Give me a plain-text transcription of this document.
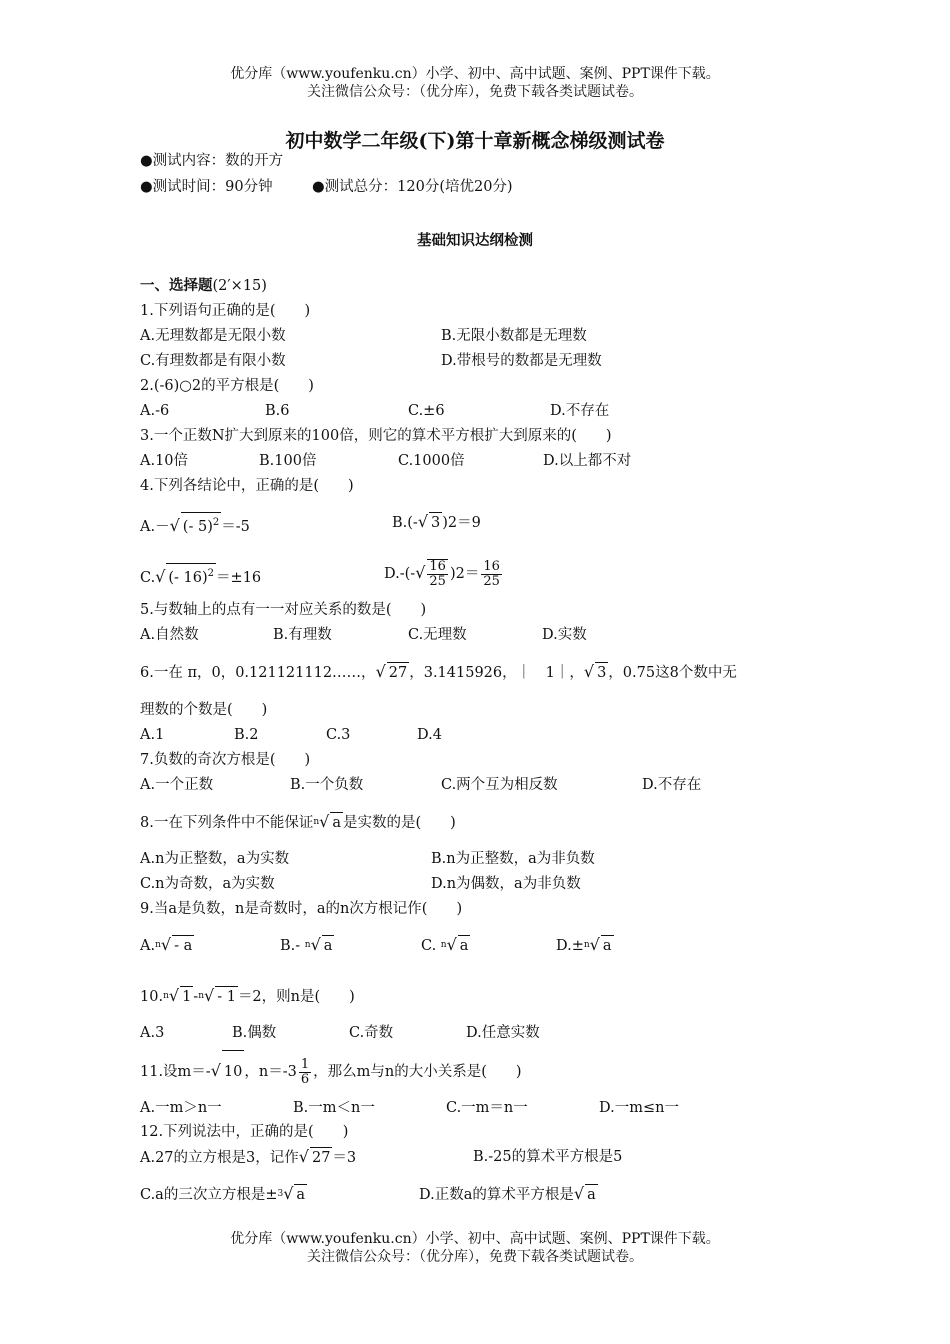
优分库（www.youfenku.cn）小学、初中、高中试题、案例、PPT课件下载。
关注微信公众号：（优分库），免费下载各类试题试卷。
初中数学二年级(下)第十章新概念梯级测试卷
●测试内容：数的开方
●测试时间：90分钟	●测试总分：120分(培优20分)
基础知识达纲检测
一、选择题(2′×15)
1.下列语句正确的是(　　)
A.无理数都是无限小数	B.无限小数都是无理数
C.有理数都是有限小数	D.带根号的数都是无理数
2.(-6)○2的平方根是(　　)
A.-6	B.6	C.±6	D.不存在
3.一个正数N扩大到原来的100倍，则它的算术平方根扩大到原来的(　　)
A.10倍	B.100倍	C.1000倍	D.以上都不对
4.下列各结论中，正确的是(　　)
A.－√ (- 5)$^2$ ＝-5	B.(-√ 3 )2＝9
C.√ (- 16)$^2$ ＝±16	$D.-(-√ \frac{16}{25} )2= \frac{16}{25}$
5.与数轴上的点有一一对应关系的数是(　　)
A.自然数	B.有理数	C.无理数	D.实数
6.一在 π，0，0.121121112……，√ 27 ，3.1415926，｜　1｜，√ 3 ，0.75这8个数中无
理数的个数是(　　)
A.1	B.2	C.3	D.4
7.负数的奇次方根是(　　)
A.一个正数	B.一个负数	C.两个互为相反数	D.不存在
8.一在下列条件中不能保证$^n$√ a 是实数的是(　　)
A.n为正整数，a为实数	B.n为正整数，a为非负数
C.n为奇数，a为实数	D.n为偶数，a为非负数
9.当a是负数，n是奇数时，a的n次方根记作(　　)
A.$^n$√ - a	B.- $^n$√ a	C. $^n$√ a	D.±$^n$√ a
10.$^n$√ 1 -$^n$√ - 1 ＝2，则n是(　　)
A.3	B.偶数	C.奇数	D.任意实数
11.设m＝-√ 10 ，$n=-3 \frac{1}{6}$ ，那么m与n的大小关系是(　　)
A.一m＞n一	B.一m＜n一	C.一m＝n一	D.一m≤n一
12.下列说法中，正确的是(　　)
A.27的立方根是3，记作√ 27 ＝3	B.-25的算术平方根是5
C.a的三次立方根是±$^3$√ a	D.正数a的算术平方根是√ a
优分库（www.youfenku.cn）小学、初中、高中试题、案例、PPT课件下载。
关注微信公众号：（优分库），免费下载各类试题试卷。
